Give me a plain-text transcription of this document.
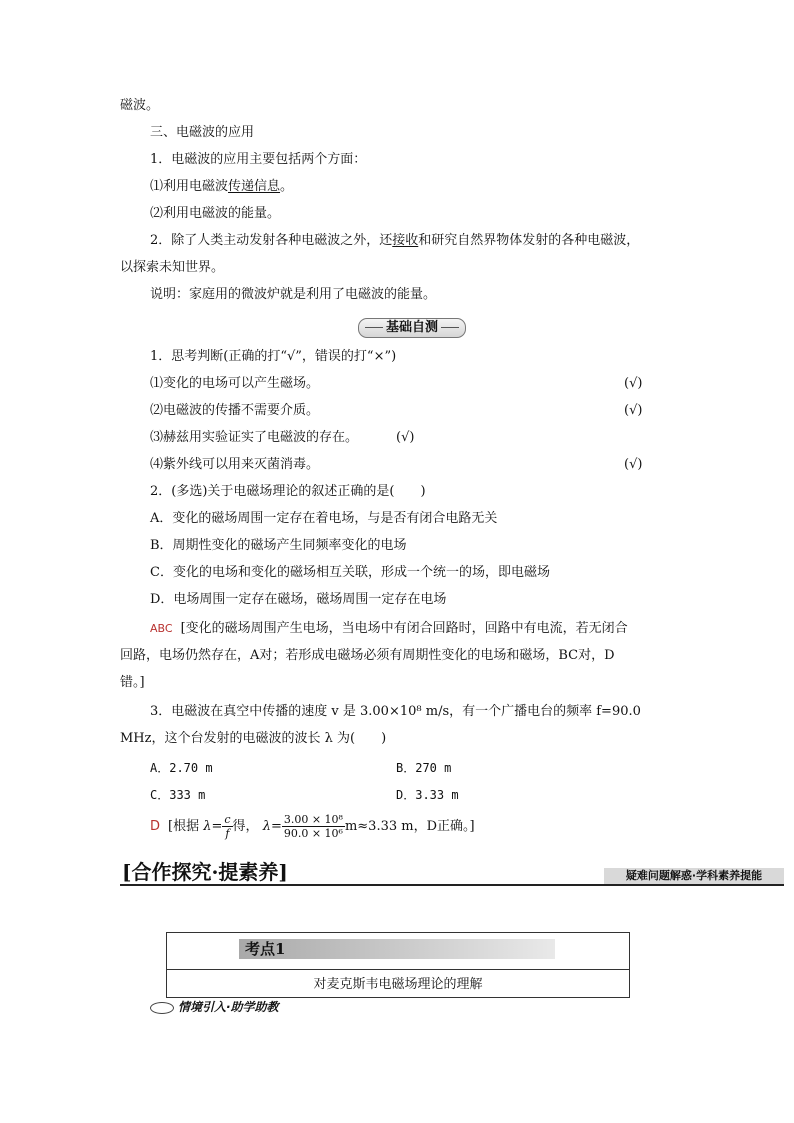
磁波。
三、电磁波的应用
1．电磁波的应用主要包括两个方面：
⑴利用电磁波传递信息。
⑵利用电磁波的能量。
2．除了人类主动发射各种电磁波之外，还接收和研究自然界物体发射的各种电磁波，
以探索未知世界。
说明：家庭用的微波炉就是利用了电磁波的能量。
基础自测
1．思考判断(正确的打“√”，错误的打“×”)
⑴变化的电场可以产生磁场。	(√)
⑵电磁波的传播不需要介质。	(√)
⑶赫兹用实验证实了电磁波的存在。	(√)
⑷紫外线可以用来灭菌消毒。	(√)
2．(多选)关于电磁场理论的叙述正确的是(　　)
A．变化的磁场周围一定存在着电场，与是否有闭合电路无关
B．周期性变化的磁场产生同频率变化的电场
C．变化的电场和变化的磁场相互关联，形成一个统一的场，即电磁场
D．电场周围一定存在磁场，磁场周围一定存在电场
ABC [变化的磁场周围产生电场，当电场中有闭合回路时，回路中有电流，若无闭合
回路，电场仍然存在，A对；若形成电磁场必须有周期性变化的电场和磁场，BC对，D
错。]
3．电磁波在真空中传播的速度 v 是 3.00×10⁸ m/s，有一个广播电台的频率 f=90.0
MHz，这个台发射的电磁波的波长 λ 为(　　)
A．2.70 m	B．270 m
C．333 m	D．3.33 m
D [根据 $\lambda= \frac{c}{f}$ 得， $\lambda= \frac{\text{3.00 × 10⁸}}{\text{90.0 × 10⁶}} m\approx 3.33$ m，D正确。]
[合作探究·提素养]	疑难问题解惑·学科素养提能
考点1
对麦克斯韦电磁场理论的理解
情境引入·助学助教
